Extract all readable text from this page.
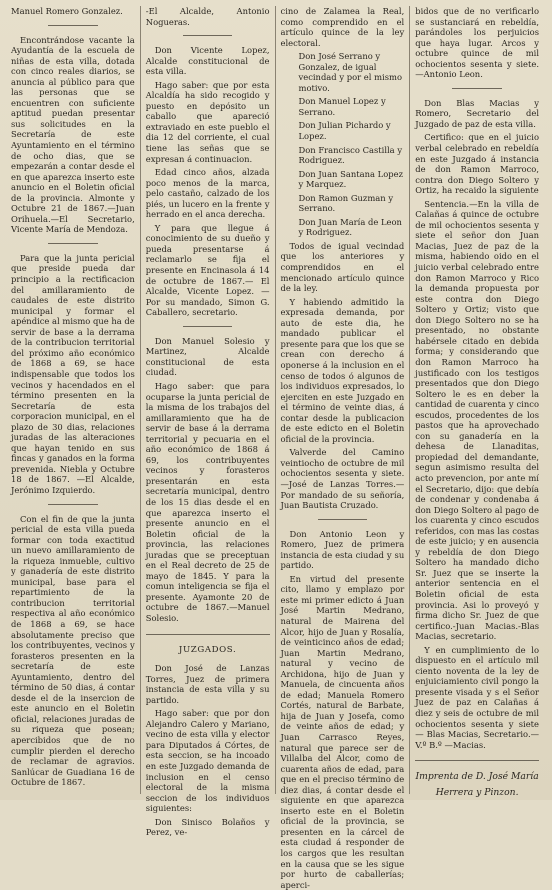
Manuel Romero Gonzalez.

Encontrándose vacante la Ayudantía de la escuela de niñas de esta villa, dotada con cinco reales diarios, se anuncia al público para que las personas que se encuentren con suficiente aptitud puedan presentar sus solicitudes en la Secretaría de este Ayuntamiento en el término de ocho dias, que se empezarán a contar desde el en que aparezca inserto este anuncio en el Boletin oficial de la provincia. Almonte y Octubre 21 de 1867.—Juan Orihuela.—El Secretario, Vicente María de Mendoza.

Para que la junta pericial que preside pueda dar principio a la rectificacion del amillaramiento de caudales de este distrito municipal y formar el apéndice al mismo que ha de servir de base a la derrama de la contribucion territorial del próximo año económico de 1868 a 69, se hace indispensable que todos los vecinos y hacendados en el término presenten en la Secretaría de esta corporacion municipal, en el plazo de 30 dias, relaciones juradas de las alteraciones que hayan tenido en sus fincas y ganados en la forma prevenida. Niebla y Octubre 18 de 1867. —El Alcalde, Jerónimo Izquierdo.

Con el fin de que la junta pericial de esta villa pueda formar con toda exactitud un nuevo amillaramiento de la riqueza inmueble, cultivo y ganadería de este distrito municipal, base para el repartimiento de la contribucion territorial respectiva al año económico de 1868 a 69, se hace absolutamente preciso que los contribuyentes, vecinos y forasteros presenten en la secretaría de este Ayuntamiento, dentro del término de 50 dias, á contar desde el de la insercion de este anuncio en el Boletin oficial, relaciones juradas de su riqueza que posean; apercibidos que de no cumplir pierden el derecho de reclamar de agravios. Sanlúcar de Guadiana 16 de Octubre de 1867.

-El Alcalde, Antonio Nogueras.

Don Vicente Lopez, Alcalde constitucional de esta villa.

Hago saber: que por esta Alcaldía ha sido recogido y puesto en depósito un caballo que apareció extraviado en este pueblo el dia 12 del corriente, el cual tiene las señas que se expresan á continuacion.

Edad cinco años, alzada poco menos de la marca, pelo castaño, calzado de los piés, un lucero en la frente y herrado en el anca derecha.

Y para que llegue á conocimiento de su dueño y pueda presentarse á reclamarlo se fija el presente en Encinasola á 14 de octubre de 1867.— El Alcalde, Vicente Lopez. — Por su mandado, Simon G. Caballero, secretario.

Don Manuel Solesio y Martinez, Alcalde constitucional de esta ciudad.

Hago saber: que para ocuparse la junta pericial de la misma de los trabajos del amillaramiento que ha de servir de base á la derrama territorial y pecuaria en el año económico de 1868 á 69, los contribuyentes vecinos y forasteros presentarán en esta secretaría municipal, dentro de los 15 dias desde el en que aparezca inserto el presente anuncio en el Boletin oficial de la provincia, las relaciones juradas que se preceptuan en el Real decreto de 25 de mayo de 1845. Y para la comun inteligencia se fija el presente. Ayamonte 20 de octubre de 1867.—Manuel Solesio.

JUZGADOS.

Don José de Lanzas Torres, Juez de primera instancia de esta villa y su partido.

Hago saber: que por don Alejandro Calero y Mariano, vecino de esta villa y elector para Diputados á Córtes, de esta seccion, se ha incoado en este Juzgado demanda de inclusion en el censo electoral de la misma seccion de los individuos siguientes:

Don Sinisco Bolaños y Perez, ve-

cino de Zalamea la Real, como comprendido en el artículo quince de la ley electoral.

Don José Serrano y Gonzalez, de igual vecindad y por el mismo motivo.

Don Manuel Lopez y Serrano.

Don Julian Pichardo y Lopez.

Don Francisco Castilla y Rodriguez.

Don Juan Santana Lopez y Marquez.

Don Ramon Guzman y Serrano.

Don Juan María de Leon y Rodriguez.

Todos de igual vecindad que los anteriores y comprendidos en el mencionado artículo quince de la ley.

Y habiendo admitido la expresada demanda, por auto de este dia, he mandado publicar el presente para que los que se crean con derecho á oponerse á la inclusion en el censo de todos ó algunos de los individuos expresados, lo ejerciten en este Juzgado en el término de veinte dias, á contar desde la publicacion de este edicto en el Boletin oficial de la provincia.

Valverde del Camino veintiocho de octubre de mil ochocientos sesenta y siete.—José de Lanzas Torres.—Por mandado de su señoría, Juan Bautista Cruzado.

Don Antonio Leon y Romero, Juez de primera instancia de esta ciudad y su partido.

En virtud del presente cito, llamo y emplazo por este mi primer edicto á Juan José Martin Medrano, natural de Mairena del Alcor, hijo de Juan y Rosalía, de veinticinco años de edad; Juan Martin Medrano, natural y vecino de Archidona, hijo de Juan y Manuela, de cincuenta años de edad; Manuela Romero Cortés, natural de Barbate, hija de Juan y Josefa, como de veinte años de edad; y Juan Carrasco Reyes, natural que parece ser de Villalba del Alcor, como de cuarenta años de edad, para que en el preciso término de diez dias, á contar desde el siguiente en que aparezca inserto este en el Boletin oficial de la provincia, se presenten en la cárcel de esta ciudad á responder de los cargos que les resultan en la causa que se les sigue por hurto de caballerías; aperci-

bidos que de no verificarlo se sustanciará en rebeldía, parándoles los perjuicios que haya lugar. Arcos y octubre quince de mil ochocientos sesenta y siete.—Antonio Leon.

Don Blas Macias y Romero, Secretario del Juzgado de paz de esta villa.

Certifico: que en el juicio verbal celebrado en rebeldía en este Juzgado á instancia de don Ramon Marroco, contra don Diego Soltero y Ortiz, ha recaido la siguiente

Sentencia.—En la villa de Calañas á quince de octubre de mil ochocientos sesenta y siete el señor don Juan Macias, Juez de paz de la misma, habiendo oido en el juicio verbal celebrado entre don Ramon Marroco y Rico la demanda propuesta por este contra don Diego Soltero y Ortiz; visto que don Diego Soltero no se ha presentado, no obstante habérsele citado en debida forma; y considerando que don Ramon Marroco ha justificado con los testigos presentados que don Diego Soltero le es en deber la cantidad de cuarenta y cinco escudos, procedentes de los pastos que ha aprovechado con su ganadería en la dehesa de Llanaditas, propiedad del demandante, segun asimismo resulta del acto prevencion, por ante mí el Secretario, dijo: que debía de condenar y condenaba á don Diego Soltero al pago de los cuarenta y cinco escudos referidos, con mas las costas de este juicio; y en ausencia y rebeldía de don Diego Soltero ha mandado dicho Sr. Juez que se inserte la anterior sentencia en el Boletin oficial de esta provincia. Asi lo proveyó y firma dicho Sr. Juez de que certifico.-Juan Macias.-Blas Macias, secretario.

Y en cumplimiento de lo dispuesto en el artículo mil ciento noventa de la ley de enjuiciamiento civil pongo la presente visada y s el Señor Juez de paz en Calañas á diez y seis de octubre de mil ochocientos sesenta y siete — Blas Macias, Secretario.—V.º B.º —Macias.

Imprenta de D. José María
Herrera y Pinzon.
